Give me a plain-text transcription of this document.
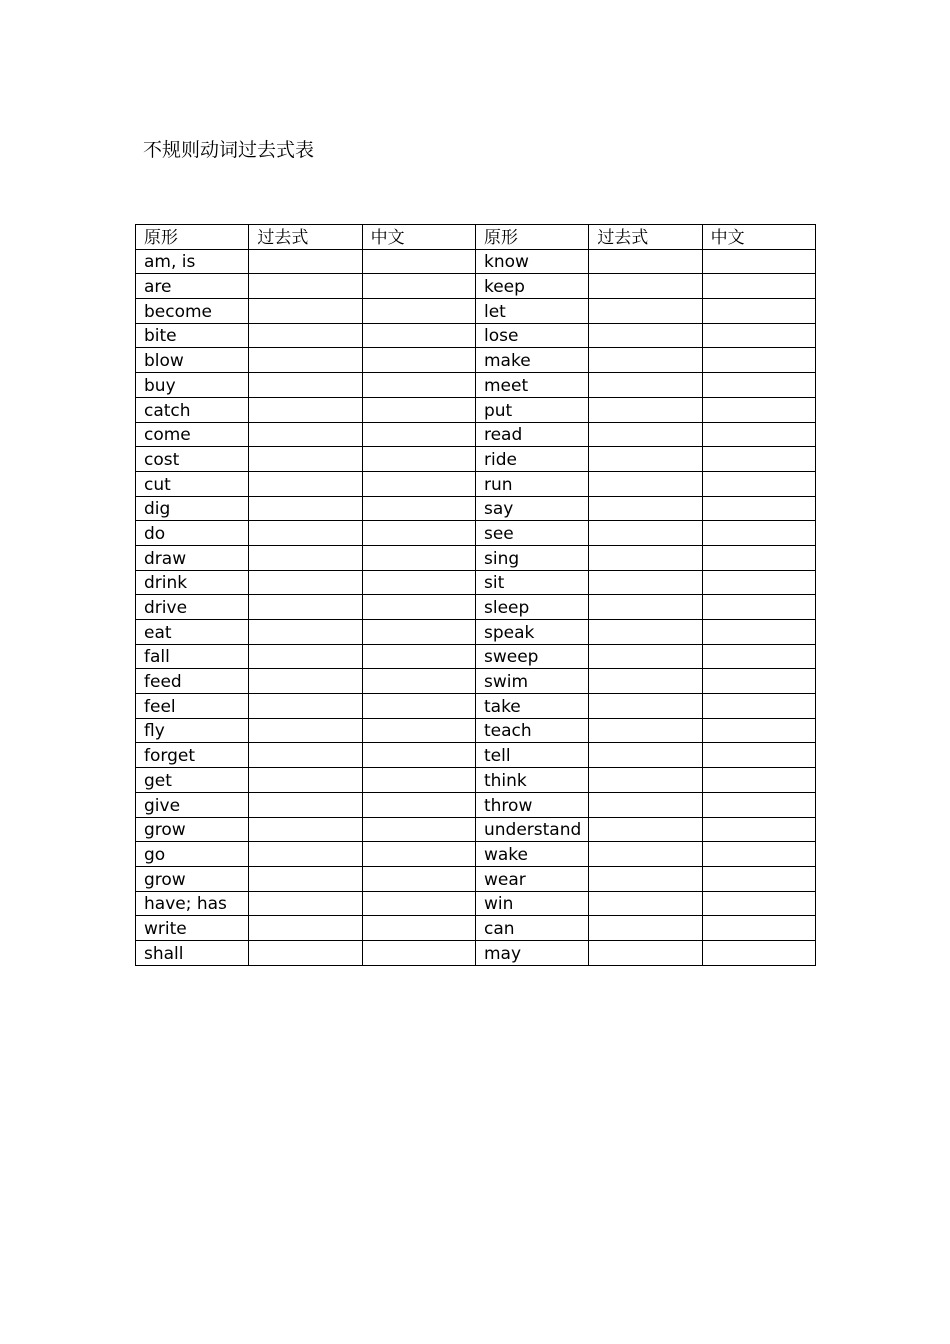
不规则动词过去式表
原形	过去式	中文	原形	过去式	中文
am, is			know		
are			keep		
become			let		
bite			lose		
blow			make		
buy			meet		
catch			put		
come			read		
cost			ride		
cut			run		
dig			say		
do			see		
draw			sing		
drink			sit		
drive			sleep		
eat			speak		
fall			sweep		
feed			swim		
feel			take		
fly			teach		
forget			tell		
get			think		
give			throw		
grow			understand		
go			wake		
grow			wear		
have; has			win		
write			can		
shall			may		
